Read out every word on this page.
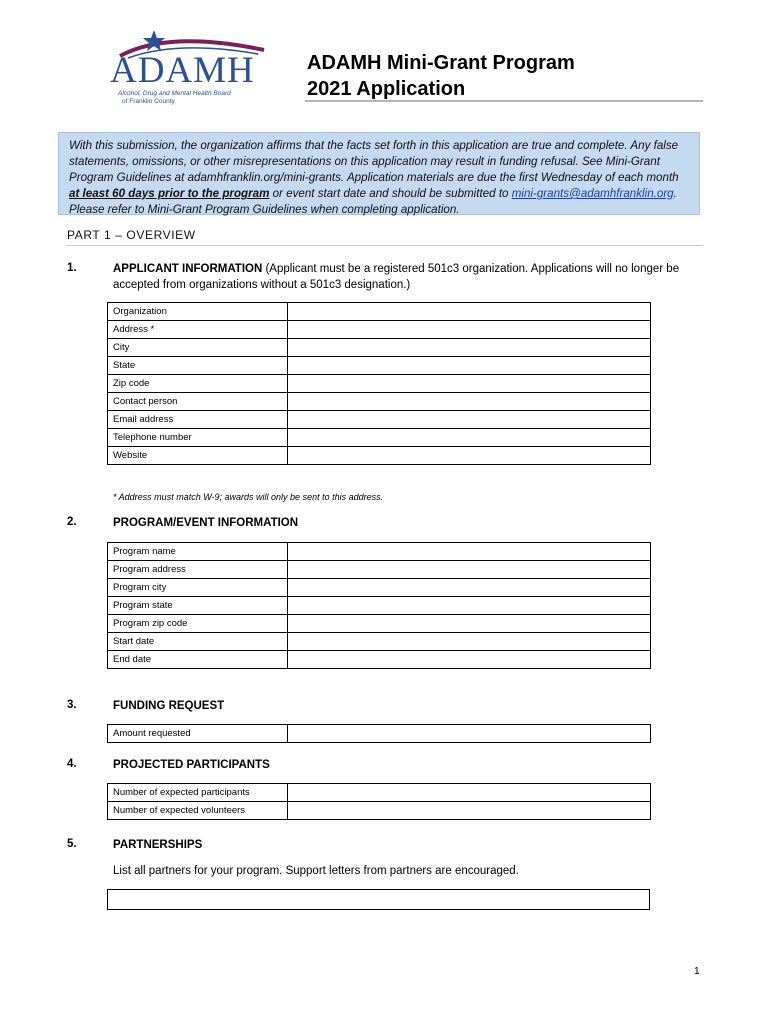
ADAMH
Alcohol, Drug and Mental Health Board
of Franklin County
ADAMH Mini-Grant Program
2021 Application
With this submission, the organization affirms that the facts set forth in this application are true and complete. Any false statements, omissions, or other misrepresentations on this application may result in funding refusal. See Mini-Grant Program Guidelines at adamhfranklin.org/mini-grants. Application materials are due the first Wednesday of each month at least 60 days prior to the program or event start date and should be submitted to mini-grants@adamhfranklin.org. Please refer to Mini-Grant Program Guidelines when completing application.
PART 1 – OVERVIEW
1.	APPLICANT INFORMATION (Applicant must be a registered 501c3 organization. Applications will no longer be accepted from organizations without a 501c3 designation.)
Organization	
Address *	
City	
State	
Zip code	
Contact person	
Email address	
Telephone number	
Website	
* Address must match W-9; awards will only be sent to this address.
2.	PROGRAM/EVENT INFORMATION
Program name	
Program address	
Program city	
Program state	
Program zip code	
Start date	
End date	
3.	FUNDING REQUEST
Amount requested	
4.	PROJECTED PARTICIPANTS
Number of expected participants	
Number of expected volunteers	
5.	PARTNERSHIPS
List all partners for your program. Support letters from partners are encouraged.
1
